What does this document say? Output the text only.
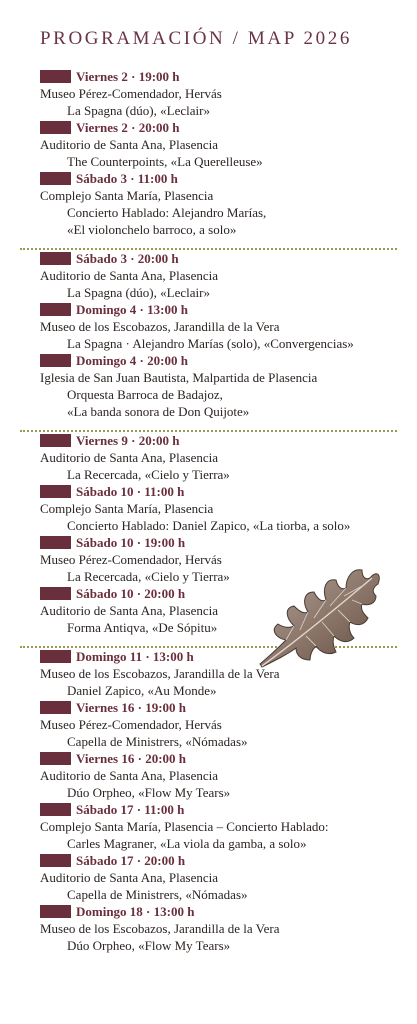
PROGRAMACIÓN / MAP 2026
Viernes 2 · 19:00 h
Museo Pérez-Comendador, Hervás
La Spagna (dúo), «Leclair»
Viernes 2 · 20:00 h
Auditorio de Santa Ana, Plasencia
The Counterpoints, «La Querelleuse»
Sábado 3 · 11:00 h
Complejo Santa María, Plasencia
Concierto Hablado: Alejandro Marías,
«El violonchelo barroco, a solo»
Sábado 3 · 20:00 h
Auditorio de Santa Ana, Plasencia
La Spagna (dúo), «Leclair»
Domingo 4 · 13:00 h
Museo de los Escobazos, Jarandilla de la Vera
La Spagna · Alejandro Marías (solo), «Convergencias»
Domingo 4 · 20:00 h
Iglesia de San Juan Bautista, Malpartida de Plasencia
Orquesta Barroca de Badajoz,
«La banda sonora de Don Quijote»
Viernes 9 · 20:00 h
Auditorio de Santa Ana, Plasencia
La Recercada, «Cielo y Tierra»
Sábado 10 · 11:00 h
Complejo Santa María, Plasencia
Concierto Hablado: Daniel Zapico, «La tiorba, a solo»
Sábado 10 · 19:00 h
Museo Pérez-Comendador, Hervás
La Recercada, «Cielo y Tierra»
Sábado 10 · 20:00 h
Auditorio de Santa Ana, Plasencia
Forma Antiqva, «De Sópitu»
Domingo 11 · 13:00 h
Museo de los Escobazos, Jarandilla de la Vera
Daniel Zapico, «Au Monde»
Viernes 16 · 19:00 h
Museo Pérez-Comendador, Hervás
Capella de Ministrers, «Nómadas»
Viernes 16 · 20:00 h
Auditorio de Santa Ana, Plasencia
Dúo Orpheo, «Flow My Tears»
Sábado 17 · 11:00 h
Complejo Santa María, Plasencia – Concierto Hablado:
Carles Magraner, «La viola da gamba, a solo»
Sábado 17 · 20:00 h
Auditorio de Santa Ana, Plasencia
Capella de Ministrers, «Nómadas»
Domingo 18 · 13:00 h
Museo de los Escobazos, Jarandilla de la Vera
Dúo Orpheo, «Flow My Tears»
